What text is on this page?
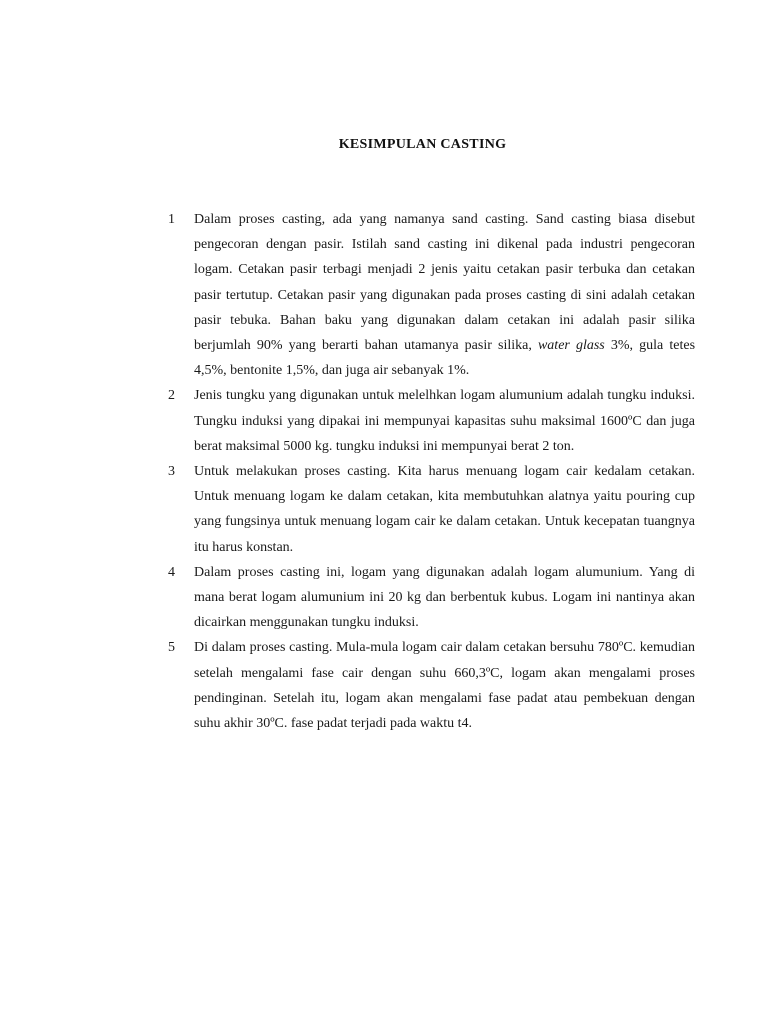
KESIMPULAN CASTING
1	Dalam proses casting, ada yang namanya sand casting. Sand casting biasa disebut pengecoran dengan pasir. Istilah sand casting ini dikenal pada industri pengecoran logam. Cetakan pasir terbagi menjadi 2 jenis yaitu cetakan pasir terbuka dan cetakan pasir tertutup. Cetakan pasir yang digunakan pada proses casting di sini adalah cetakan pasir tebuka. Bahan baku yang digunakan dalam cetakan ini adalah pasir silika berjumlah 90% yang berarti bahan utamanya pasir silika, water glass 3%, gula tetes 4,5%, bentonite 1,5%, dan juga air sebanyak 1%.
2	Jenis tungku yang digunakan untuk melelhkan logam alumunium adalah tungku induksi. Tungku induksi yang dipakai ini mempunyai kapasitas suhu maksimal 1600ºC dan juga berat maksimal 5000 kg. tungku induksi ini mempunyai berat 2 ton.
3	Untuk melakukan proses casting. Kita harus menuang logam cair kedalam cetakan. Untuk menuang logam ke dalam cetakan, kita membutuhkan alatnya yaitu pouring cup yang fungsinya untuk menuang logam cair ke dalam cetakan. Untuk kecepatan tuangnya itu harus konstan.
4	Dalam proses casting ini, logam yang digunakan adalah logam alumunium. Yang di mana berat logam alumunium ini 20 kg dan berbentuk kubus. Logam ini nantinya akan dicairkan menggunakan tungku induksi.
5	Di dalam proses casting. Mula-mula logam cair dalam cetakan bersuhu 780ºC. kemudian setelah mengalami fase cair dengan suhu 660,3ºC, logam akan mengalami proses pendinginan. Setelah itu, logam akan mengalami fase padat atau pembekuan dengan suhu akhir 30ºC. fase padat terjadi pada waktu t4.
